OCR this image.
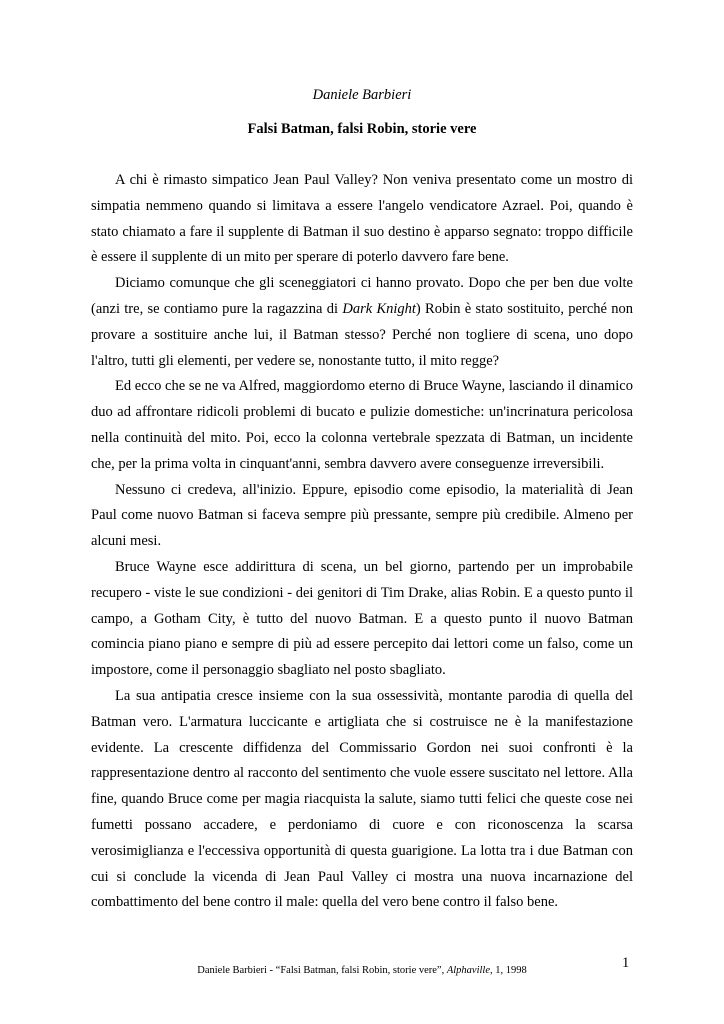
Daniele Barbieri
Falsi Batman, falsi Robin, storie vere

A chi è rimasto simpatico Jean Paul Valley? Non veniva presentato come un mostro di simpatia nemmeno quando si limitava a essere l'angelo vendicatore Azrael. Poi, quando è stato chiamato a fare il supplente di Batman il suo destino è apparso segnato: troppo difficile è essere il supplente di un mito per sperare di poterlo davvero fare bene.

Diciamo comunque che gli sceneggiatori ci hanno provato. Dopo che per ben due volte (anzi tre, se contiamo pure la ragazzina di Dark Knight) Robin è stato sostituito, perché non provare a sostituire anche lui, il Batman stesso? Perché non togliere di scena, uno dopo l'altro, tutti gli elementi, per vedere se, nonostante tutto, il mito regge?

Ed ecco che se ne va Alfred, maggiordomo eterno di Bruce Wayne, lasciando il dinamico duo ad affrontare ridicoli problemi di bucato e pulizie domestiche: un'incrinatura pericolosa nella continuità del mito. Poi, ecco la colonna vertebrale spezzata di Batman, un incidente che, per la prima volta in cinquant'anni, sembra davvero avere conseguenze irreversibili.

Nessuno ci credeva, all'inizio. Eppure, episodio come episodio, la materialità di Jean Paul come nuovo Batman si faceva sempre più pressante, sempre più credibile. Almeno per alcuni mesi.

Bruce Wayne esce addirittura di scena, un bel giorno, partendo per un improbabile recupero - viste le sue condizioni - dei genitori di Tim Drake, alias Robin. E a questo punto il campo, a Gotham City, è tutto del nuovo Batman. E a questo punto il nuovo Batman comincia piano piano e sempre di più ad essere percepito dai lettori come un falso, come un impostore, come il personaggio sbagliato nel posto sbagliato.

La sua antipatia cresce insieme con la sua ossessività, montante parodia di quella del Batman vero. L'armatura luccicante e artigliata che si costruisce ne è la manifestazione evidente. La crescente diffidenza del Commissario Gordon nei suoi confronti è la rappresentazione dentro al racconto del sentimento che vuole essere suscitato nel lettore. Alla fine, quando Bruce come per magia riacquista la salute, siamo tutti felici che queste cose nei fumetti possano accadere, e perdoniamo di cuore e con riconoscenza la scarsa verosimiglianza e l'eccessiva opportunità di questa guarigione. La lotta tra i due Batman con cui si conclude la vicenda di Jean Paul Valley ci mostra una nuova incarnazione del combattimento del bene contro il male: quella del vero bene contro il falso bene.

1
Daniele Barbieri - “Falsi Batman, falsi Robin, storie vere”, Alphaville, 1, 1998
